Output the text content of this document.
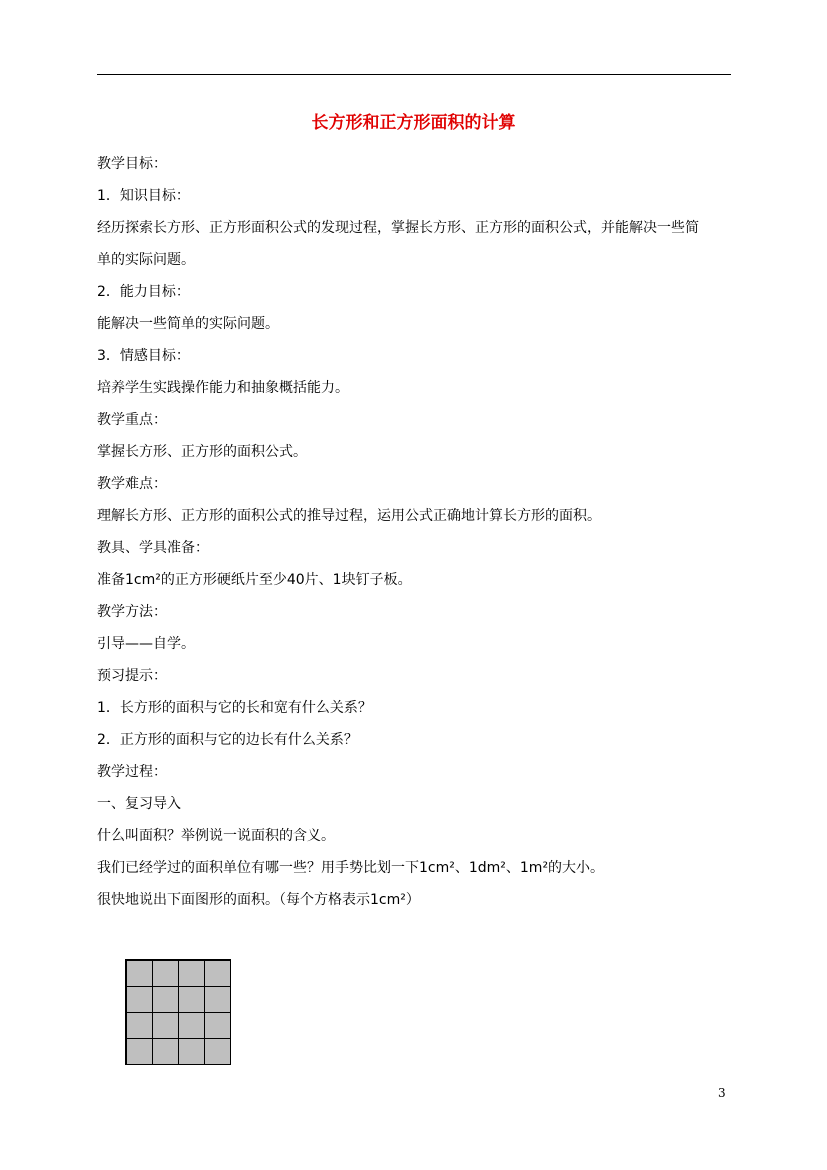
长方形和正方形面积的计算
教学目标：
1．知识目标：
经历探索长方形、正方形面积公式的发现过程，掌握长方形、正方形的面积公式，并能解决一些简
单的实际问题。
2．能力目标：
能解决一些简单的实际问题。
3．情感目标：
培养学生实践操作能力和抽象概括能力。
教学重点：
掌握长方形、正方形的面积公式。
教学难点：
理解长方形、正方形的面积公式的推导过程，运用公式正确地计算长方形的面积。
教具、学具准备：
准备1cm²的正方形硬纸片至少40片、1块钉子板。
教学方法：
引导——自学。
预习提示：
1．长方形的面积与它的长和宽有什么关系？
2．正方形的面积与它的边长有什么关系？
教学过程：
一、复习导入
什么叫面积？举例说一说面积的含义。
我们已经学过的面积单位有哪一些？用手势比划一下1cm²、1dm²、1m²的大小。
很快地说出下面图形的面积。（每个方格表示1cm²）
3
